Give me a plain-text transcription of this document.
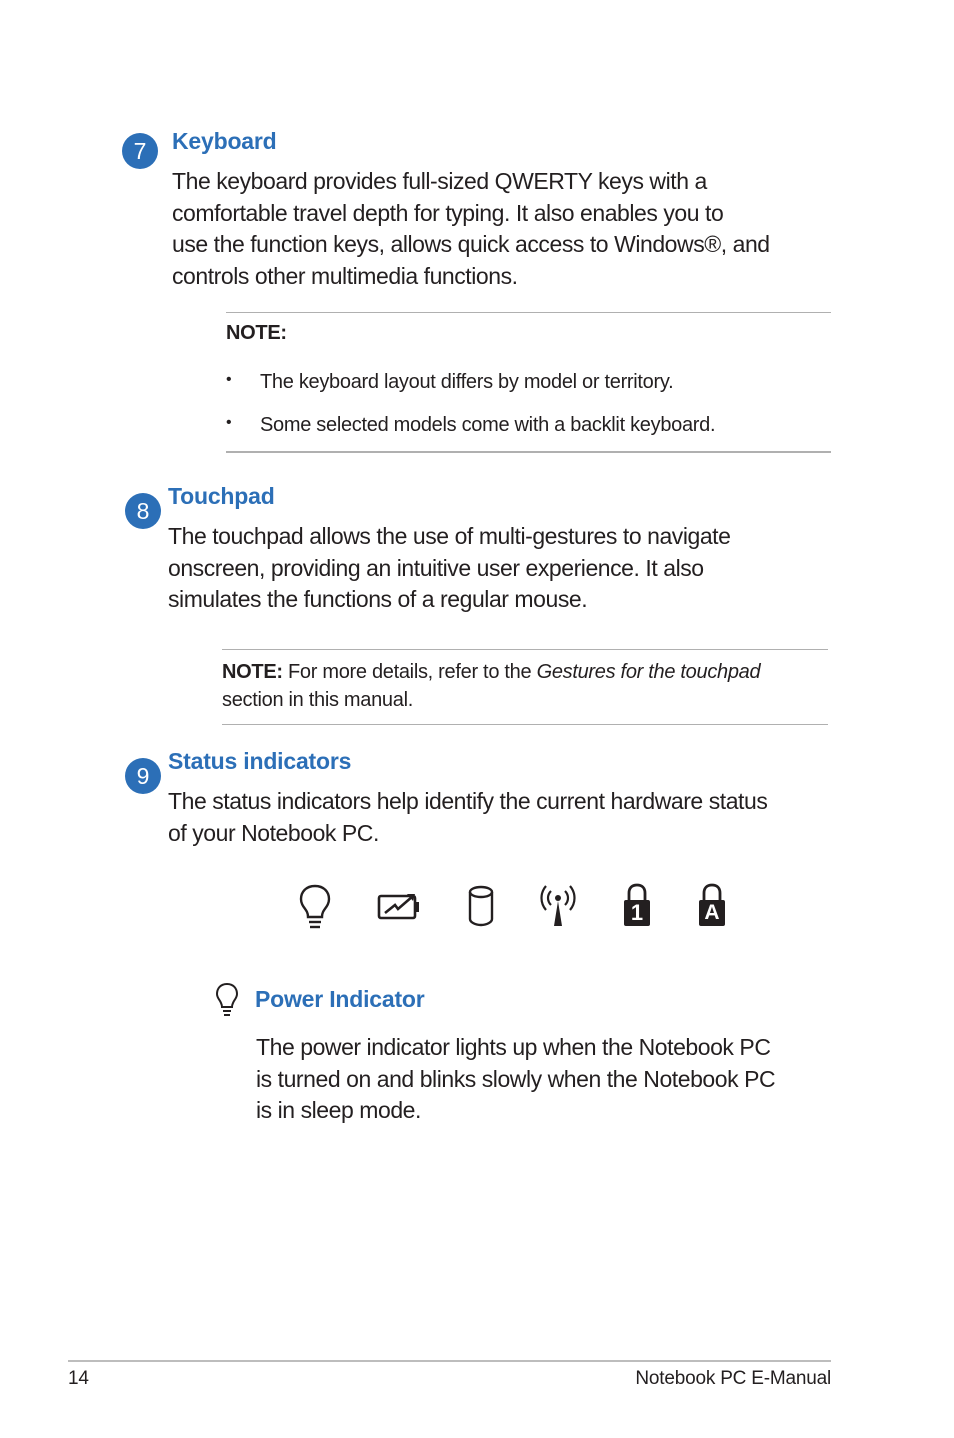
7	Keyboard
The keyboard provides full-sized QWERTY keys with a
comfortable travel depth for typing. It also enables you to
use the function keys, allows quick access to Windows®, and
controls other multimedia functions.
NOTE:
• The keyboard layout differs by model or territory.
• Some selected models come with a backlit keyboard.
8
Touchpad
The touchpad allows the use of multi-gestures to navigate
onscreen, providing an intuitive user experience. It also
simulates the functions of a regular mouse.
NOTE: For more details, refer to the Gestures for the touchpad
section in this manual.
9
Status indicators
The status indicators help identify the current hardware status
of your Notebook PC.
1	A
Power Indicator
The power indicator lights up when the Notebook PC
is turned on and blinks slowly when the Notebook PC
is in sleep mode.
14	Notebook PC E-Manual
